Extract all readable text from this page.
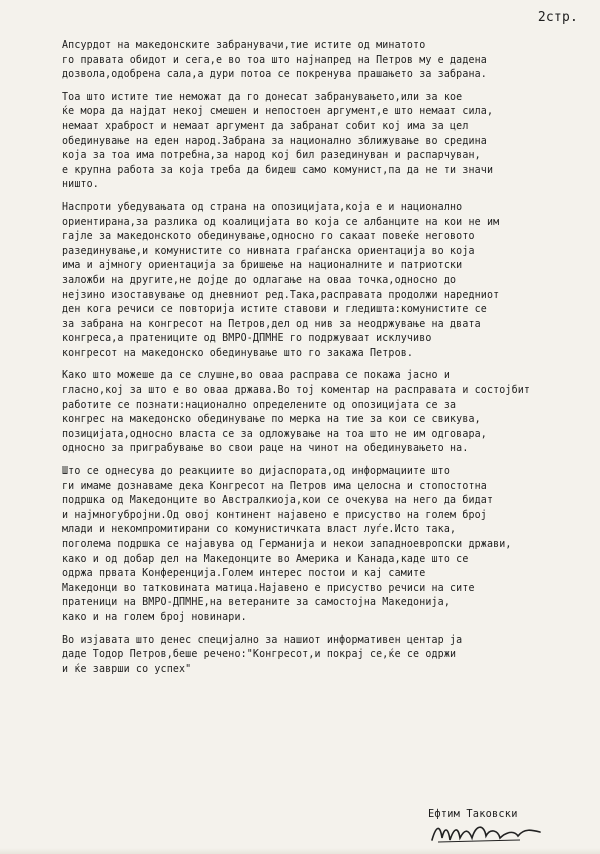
2стр.
Апсурдот на македонските забранувачи,тие истите од минатото
го правата обидот и сега,е во тоа што најнапред на Петров му е дадена
дозвола,одобрена сала,а дури потоа се покренува прашањето за забрана.
Тоа што истите тие неможат да го донесат забранувањето,или за кое
ќе мора да најдат некој смешен и непостоен аргумент,е што немаат сила,
немаат храброст и немаат аргумент да забранат собит кој има за цел
обединување на еден народ.Забрана за национално зближување во средина
која за тоа има потребна,за народ кој бил разединуван и распарчуван,
е крупна работа за која треба да бидеш само комунист,па да не ти значи
ништо.
Наспроти убедувањата од страна на опозицијата,која е и национално
ориентирана,за разлика од коалицијата во која се албанците на кои не им
гајле за македонското обединување,односно го сакаат повеќе неговото
разединување,и комунистите со нивната граѓанска ориентација во која
има и ајмногу ориентација за бришење на националните и патриотски
заложби на другите,не дојде до одлагање на оваа точка,односно до
нејзино изоставување од дневниот ред.Така,расправата продолжи наредниот
ден кога речиси се повторија истите ставови и гледишта:комунистите се
за забрана на конгресот на Петров,дел од нив за неодржување на двата
конгреса,а пратениците од ВМРО-ДПМНЕ го подржуваат исклучиво
конгресот на македонско обединување што го закажа Петров.
Како што можеше да се слушне,во оваа расправа се покажа јасно и
гласно,кој за што е во оваа држава.Во тој коментар на расправата и состојбит
работите се познати:национално определените од опозицијата се за
конгрес на македонско обединување по мерка на тие за кои се свикува,
позицијата,односно власта се за одложување на тоа што не им одговара,
односно за приграбување во свои раце на чинот на обединувањето на.
Што се однесува до реакциите во дијаспората,од информациите што
ги имаме дознаваме дека Конгресот на Петров има целосна и стопостотна
подршка од Македонците во Австралкиоја,кои се очекува на него да бидат
и најмногубројни.Од овој континент најавено е присуство на голем број
млади и некомпромитирани со комунистичката власт луѓе.Исто така,
поголема подршка се најавува од Германија и некои западноевропски држави,
како и од добар дел на Македонците во Америка и Канада,каде што се
одржа првата Конференција.Голем интерес постои и кај самите
Македонци во татковината матица.Најавено е присуство речиси на сите
пратеници на ВМРО-ДПМНЕ,на ветераните за самостојна Македонија,
како и на голем број новинари.
Во изјавата што денес специјално за нашиот информативен центар ја
даде Тодор Петров,беше речено:"Конгресот,и покрај се,ќе се одржи
и ќе заврши со успех"
Ефтим Таковски
